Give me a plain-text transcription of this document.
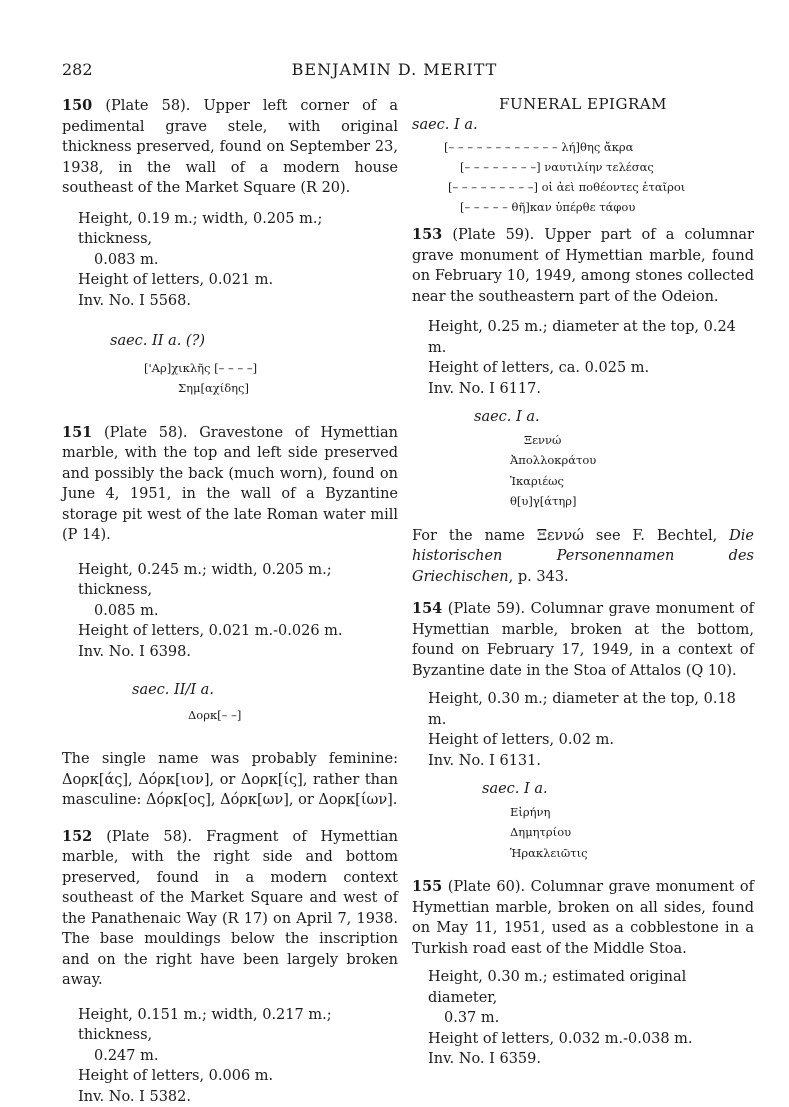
282	BENJAMIN D. MERITT

150 (Plate 58). Upper left corner of a pedimental grave stele, with original thickness preserved, found on September 23, 1938, in the wall of a modern house southeast of the Market Square (R 20).

Height, 0.19 m.; width, 0.205 m.; thickness,
0.083 m.
Height of letters, 0.021 m.
Inv. No. I 5568.
saec. II a. (?)
['Αρ]χικλῆς [– – – –]
Σημ[αχίδης]

151 (Plate 58). Gravestone of Hymettian marble, with the top and left side preserved and possibly the back (much worn), found on June 4, 1951, in the wall of a Byzantine storage pit west of the late Roman water mill (P 14).

Height, 0.245 m.; width, 0.205 m.; thickness,
0.085 m.
Height of letters, 0.021 m.-0.026 m.
Inv. No. I 6398.
saec. II/I a.
Δορκ[– –]

The single name was probably feminine: Δορκ[άς], Δόρκ[ιον], or Δορκ[ίς], rather than masculine: Δόρκ[ος], Δόρκ[ων], or Δορκ[ίων].

152 (Plate 58). Fragment of Hymettian marble, with the right side and bottom preserved, found in a modern context southeast of the Market Square and west of the Panathenaic Way (R 17) on April 7, 1938. The base mouldings below the inscription and on the right have been largely broken away.

Height, 0.151 m.; width, 0.217 m.; thickness,
0.247 m.
Height of letters, 0.006 m.
Inv. No. I 5382.
FUNERAL EPIGRAM
saec. I a.
[– – – – – – – – – – – – λή]θης ἄκρα
[– – – – – – – –] ναυτιλίην τελέσας
[– – – – – – – – –] οἱ ἀεὶ ποθέοντες ἑταῖροι
[– – – – – θῆ]καν ὑπέρθε τάφου

153 (Plate 59). Upper part of a columnar grave monument of Hymettian marble, found on February 10, 1949, among stones collected near the southeastern part of the Odeion.

Height, 0.25 m.; diameter at the top, 0.24 m.
Height of letters, ca. 0.025 m.
Inv. No. I 6117.
saec. I a.
Ξεννώ
Ἀπολλοκράτου
Ἰκαριέως
θ[υ]γ[άτηρ]

For the name Ξεννώ see F. Bechtel, Die historischen Personennamen des Griechischen, p. 343.

154 (Plate 59). Columnar grave monument of Hymettian marble, broken at the bottom, found on February 17, 1949, in a context of Byzantine date in the Stoa of Attalos (Q 10).

Height, 0.30 m.; diameter at the top, 0.18 m.
Height of letters, 0.02 m.
Inv. No. I 6131.
saec. I a.
Εἰρήνη
Δημητρίου
Ἡρακλειῶτις

155 (Plate 60). Columnar grave monument of Hymettian marble, broken on all sides, found on May 11, 1951, used as a cobblestone in a Turkish road east of the Middle Stoa.

Height, 0.30 m.; estimated original diameter,
0.37 m.
Height of letters, 0.032 m.-0.038 m.
Inv. No. I 6359.
